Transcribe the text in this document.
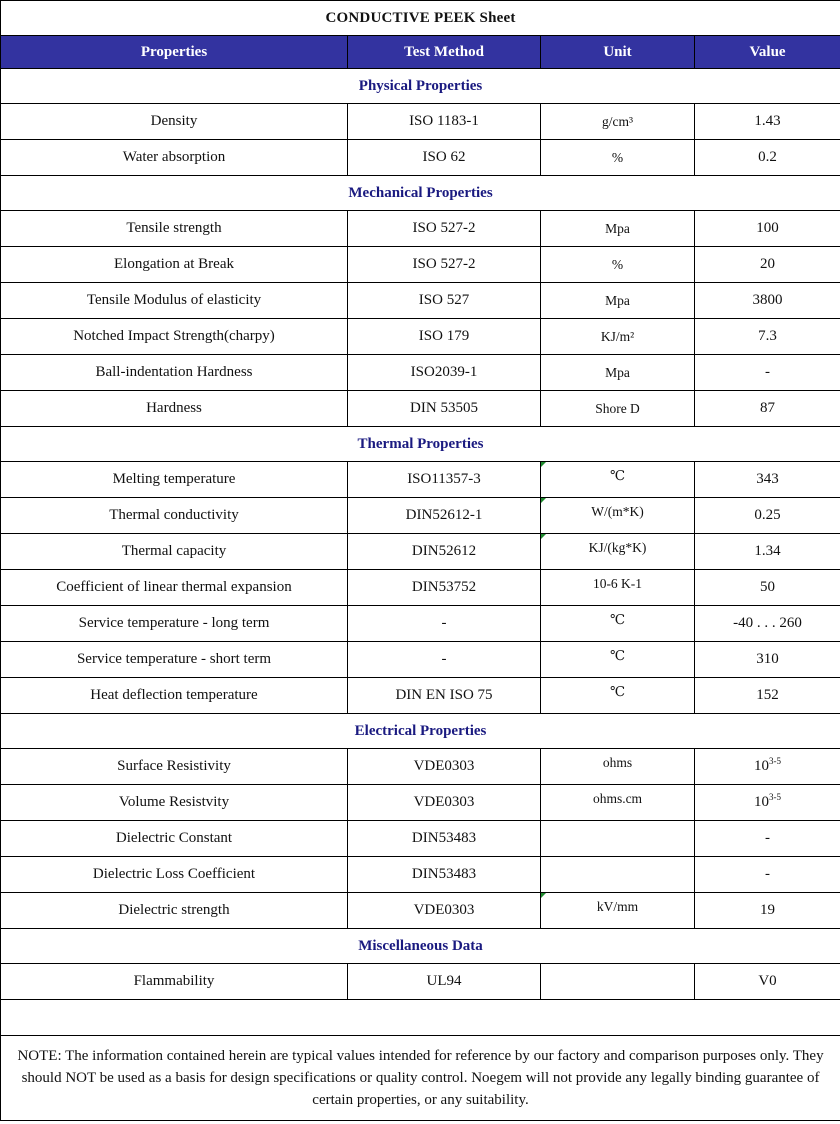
CONDUCTIVE PEEK Sheet			
Properties	Test Method	Unit	Value
Physical Properties			
Density	ISO 1183-1	g/cm³	1.43
Water absorption	ISO 62	%	0.2
Mechanical Properties			
Tensile strength	ISO 527-2	Mpa	100
Elongation at Break	ISO 527-2	%	20
Tensile Modulus of elasticity	ISO 527	Mpa	3800
Notched Impact Strength(charpy)	ISO 179	KJ/m²	7.3
Ball-indentation Hardness	ISO2039-1	Mpa	-
Hardness	DIN 53505	Shore D	87
Thermal Properties			
Melting temperature	ISO11357-3	℃	343
Thermal conductivity	DIN52612-1	W/(m*K)	0.25
Thermal capacity	DIN52612	KJ/(kg*K)	1.34
Coefficient of linear thermal expansion	DIN53752	10-6 K-1	50
Service temperature - long term	-	℃	-40 . . . 260
Service temperature - short term	-	℃	310
Heat deflection temperature	DIN EN ISO 75	℃	152
Electrical Properties			
Surface Resistivity	VDE0303	ohms	10$^{3-5}$
Volume Resistvity	VDE0303	ohms.cm	10$^{3-5}$
Dielectric Constant	DIN53483		-
Dielectric Loss Coefficient	DIN53483		-
Dielectric strength	VDE0303	kV/mm	19
Miscellaneous Data			
Flammability	UL94		V0

NOTE: The information contained herein are typical values intended for reference by our factory and comparison purposes only. They should NOT be used as a basis for design specifications or quality control. Noegem will not provide any legally binding guarantee of certain properties, or any suitability.			
